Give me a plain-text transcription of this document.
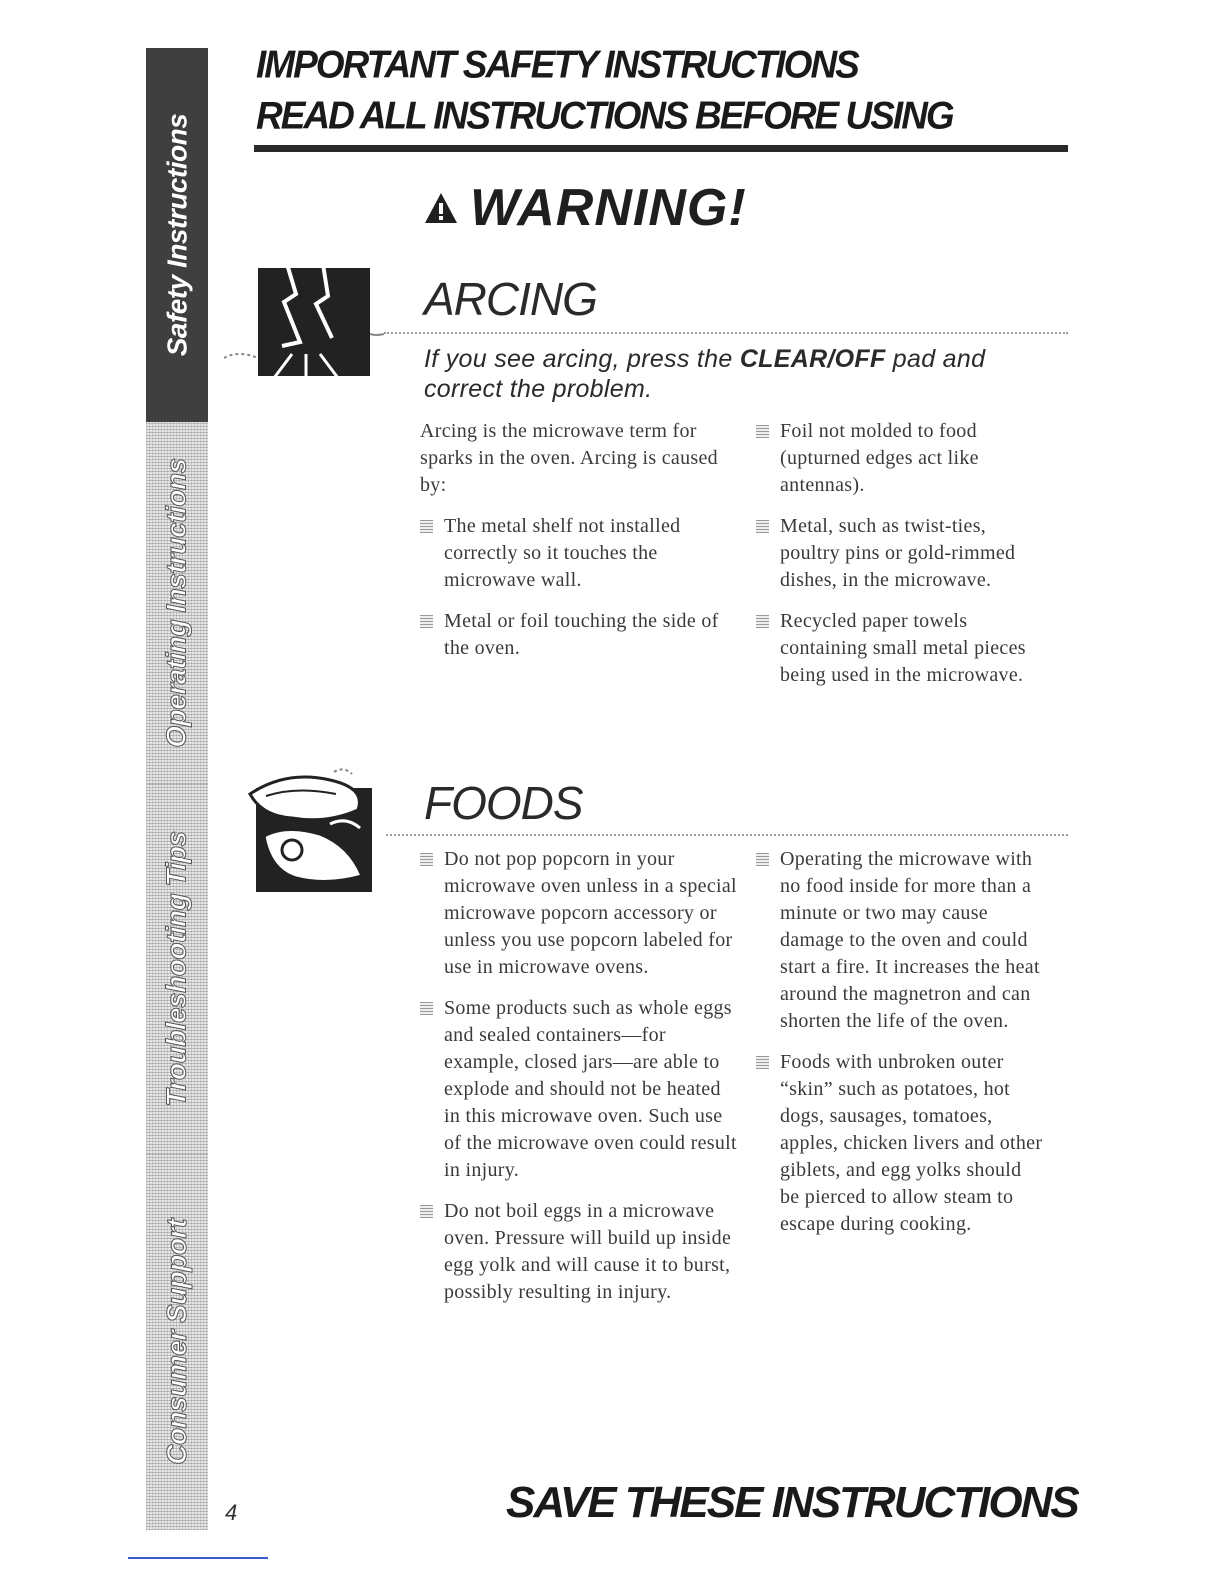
Safety Instructions
Operating Instructions
Troubleshooting Tips
Consumer Support
IMPORTANT SAFETY INSTRUCTIONS
READ ALL INSTRUCTIONS BEFORE USING
WARNING!
ARCING
If you see arcing, press the CLEAR/OFF pad and correct the problem.

Arcing is the microwave term for sparks in the oven. Arcing is caused by:

The metal shelf not installed correctly so it touches the microwave wall.
Metal or foil touching the side of the oven.
Foil not molded to food (upturned edges act like antennas).
Metal, such as twist-ties, poultry pins or gold-rimmed dishes, in the microwave.
Recycled paper towels containing small metal pieces being used in the microwave.
FOODS
Do not pop popcorn in your microwave oven unless in a special microwave popcorn accessory or unless you use popcorn labeled for use in microwave ovens.
Some products such as whole eggs and sealed containers—for example, closed jars—are able to explode and should not be heated in this microwave oven. Such use of the microwave oven could result in injury.
Do not boil eggs in a microwave oven. Pressure will build up inside egg yolk and will cause it to burst, possibly resulting in injury.
Operating the microwave with no food inside for more than a minute or two may cause damage to the oven and could start a fire. It increases the heat around the magnetron and can shorten the life of the oven.
Foods with unbroken outer “skin” such as potatoes, hot dogs, sausages, tomatoes, apples, chicken livers and other giblets, and egg yolks should be pierced to allow steam to escape during cooking.
4	SAVE THESE INSTRUCTIONS
